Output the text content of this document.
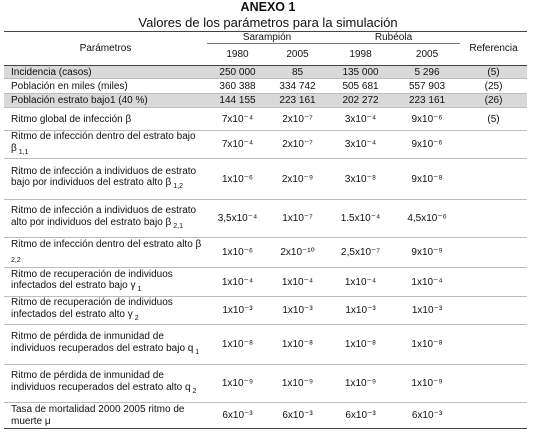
ANEXO 1
Valores de los parámetros para la simulación
Parámetros	Sarampión		Rubéola		Referencia
	1980	2005	1998	2005	
Incidencia (casos)	250 000	85	135 000	5 296	(5)
Población en miles (miles)	360 388	334 742	505 681	557 903	(25)
Población estrato bajo1 (40 %)	144 155	223 161	202 272	223 161	(26)
Ritmo global de infección β	7x10⁻⁴	2x10⁻⁷	3x10⁻⁴	9x10⁻⁶	(5)
Ritmo de infección dentro del estrato bajo β $_{1,1}$	7x10⁻⁴	2x10⁻⁷	3x10⁻⁴	9x10⁻⁶	
Ritmo de infección a individuos de estrato bajo por individuos del estrato alto β $_{1,2}$	1x10⁻⁶	2x10⁻⁹	3x10⁻⁸	9x10⁻⁸	
Ritmo de infección a individuos de estrato alto por individuos del estrato bajo β $_{2,1}$	3,5x10⁻⁴	1x10⁻⁷	1.5x10⁻⁴	4,5x10⁻⁶	
Ritmo de infección dentro del estrato alto β $_{2,2}$	1x10⁻⁶	2x10⁻¹⁰	2,5x10⁻⁷	9x10⁻⁹	
Ritmo de recuperación de individuos infectados del estrato bajo γ $_1$	1x10⁻⁴	1x10⁻⁴	1x10⁻⁴	1x10⁻⁴	
Ritmo de recuperación de individuos infectados del estrato alto γ $_2$	1x10⁻³	1x10⁻³	1x10⁻³	1x10⁻³	
Ritmo de pérdida de inmunidad de individuos recuperados del estrato bajo q $_1$	1x10⁻⁸	1x10⁻⁸	1x10⁻⁸	1x10⁻⁸	
Ritmo de pérdida de inmunidad de individuos recuperados del estrato alto q $_2$	1x10⁻⁹	1x10⁻⁹	1x10⁻⁹	1x10⁻⁹	
Tasa de mortalidad 2000 2005 ritmo de muerte μ	6x10⁻³	6x10⁻³	6x10⁻³	6x10⁻³	
